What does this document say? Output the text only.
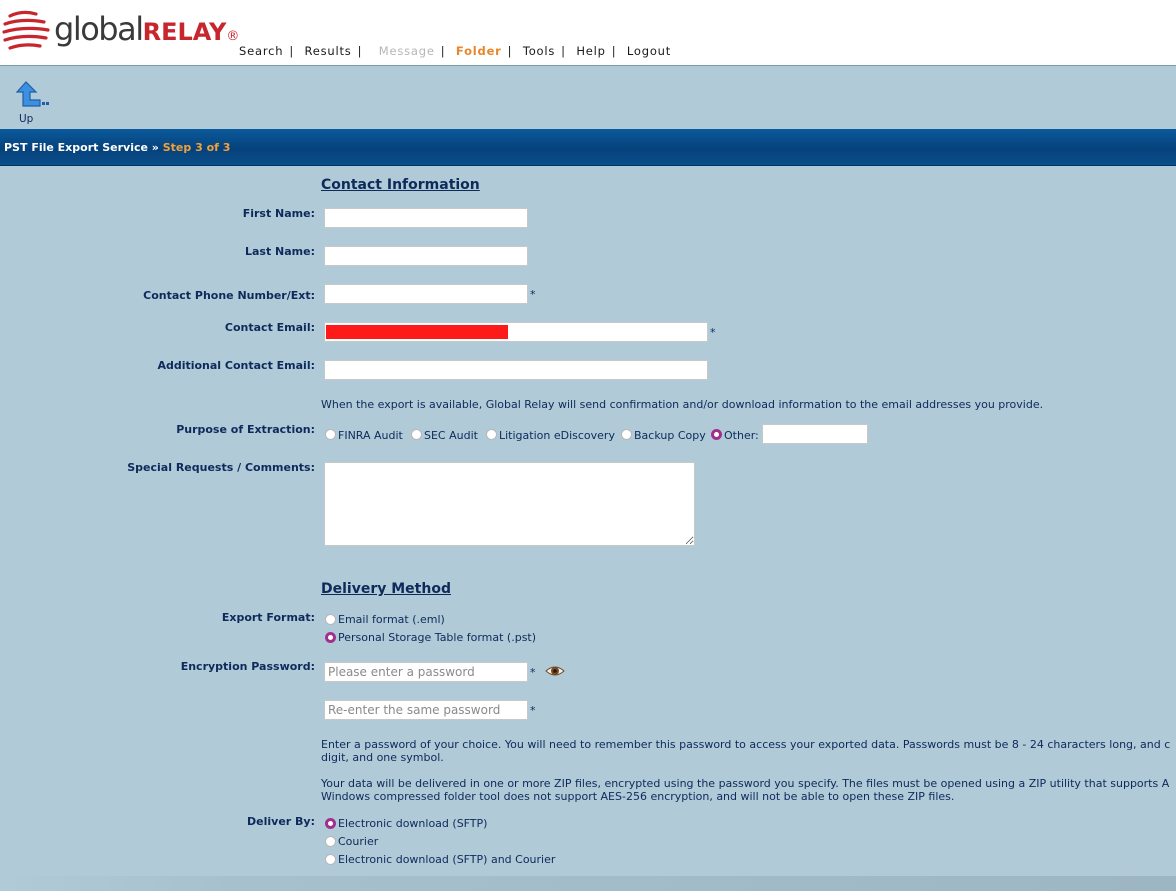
globalRELAY®
Search | Results | Message | Folder | Tools | Help | Logout
Up
PST File Export Service » Step 3 of 3
Contact Information
First Name:
Last Name:
Contact Phone Number/Ext:	*
Contact Email:	*
Additional Contact Email:
When the export is available, Global Relay will send confirmation and/or download information to the email addresses you provide.
Purpose of Extraction: FINRA Audit SEC Audit Litigation eDiscovery Backup Copy Other:
Special Requests / Comments:
Delivery Method
Export Format: Email format (.eml)
Personal Storage Table format (.pst)
Encryption Password:	*
*
Enter a password of your choice. You will need to remember this password to access your exported data. Passwords must be 8 - 24 characters long, and c
digit, and one symbol.
Your data will be delivered in one or more ZIP files, encrypted using the password you specify. The files must be opened using a ZIP utility that supports A
Windows compressed folder tool does not support AES-256 encryption, and will not be able to open these ZIP files.
Deliver By: Electronic download (SFTP)
Courier
Electronic download (SFTP) and Courier
